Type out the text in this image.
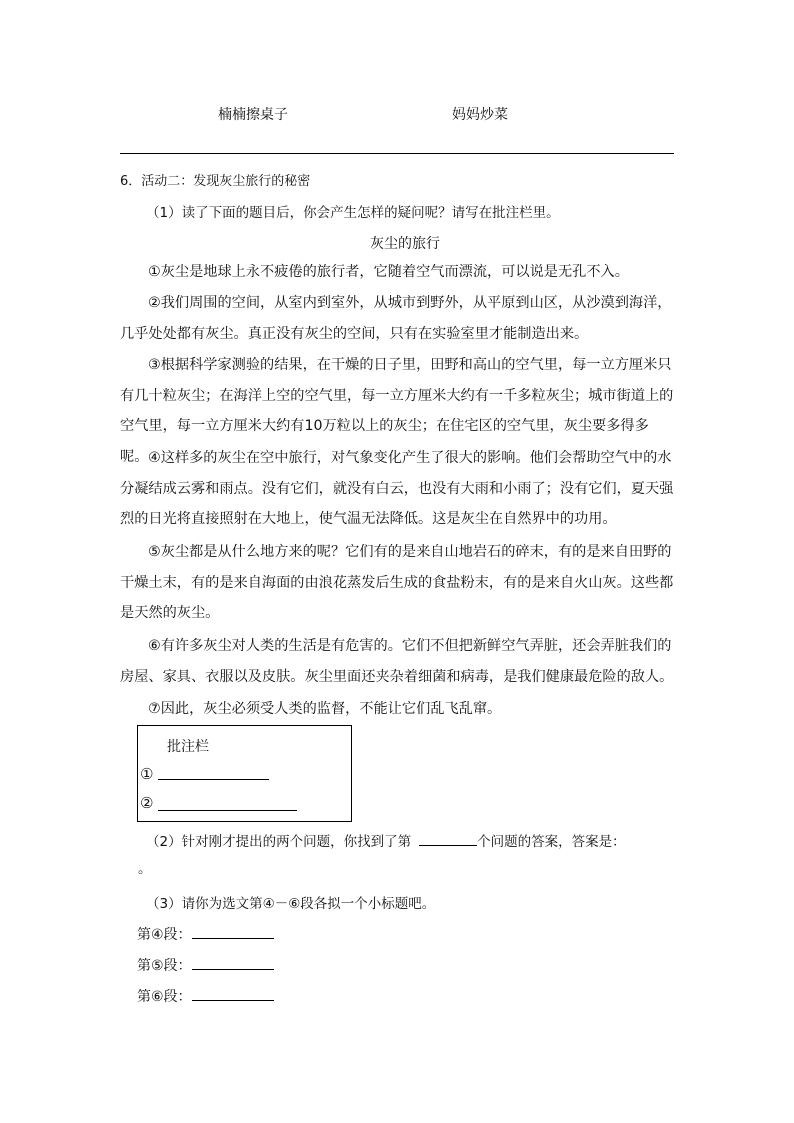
楠楠擦桌子	妈妈炒菜
6．活动二：发现灰尘旅行的秘密
（1）读了下面的题目后，你会产生怎样的疑问呢？请写在批注栏里。
灰尘的旅行
①灰尘是地球上永不疲倦的旅行者，它随着空气而漂流，可以说是无孔不入。
②我们周围的空间，从室内到室外，从城市到野外，从平原到山区，从沙漠到海洋，几乎处处都有灰尘。真正没有灰尘的空间，只有在实验室里才能制造出来。
③根据科学家测验的结果，在干燥的日子里，田野和高山的空气里，每一立方厘米只有几十粒灰尘；在海洋上空的空气里，每一立方厘米大约有一千多粒灰尘；城市街道上的空气里，每一立方厘米大约有10万粒以上的灰尘；在住宅区的空气里，灰尘要多得多呢。 ④这样多的灰尘在空中旅行，对气象变化产生了很大的影响。他们会帮助空气中的水分凝结成云雾和雨点。没有它们，就没有白云，也没有大雨和小雨了；没有它们，夏天强烈的日光将直接照射在大地上，使气温无法降低。这是灰尘在自然界中的功用。
⑤灰尘都是从什么地方来的呢？它们有的是来自山地岩石的碎末，有的是来自田野的干燥土末，有的是来自海面的由浪花蒸发后生成的食盐粉末，有的是来自火山灰。这些都是天然的灰尘。
⑥有许多灰尘对人类的生活是有危害的。它们不但把新鲜空气弄脏，还会弄脏我们的房屋、家具、衣服以及皮肤。灰尘里面还夹杂着细菌和病毒，是我们健康最危险的敌人。
⑦因此，灰尘必须受人类的监督，不能让它们乱飞乱窜。
批注栏
①
②
（2）针对刚才提出的两个问题，你找到了第	个问题的答案，答案是：
。
（3）请你为选文第④－⑥段各拟一个小标题吧。
第④段：
第⑤段：
第⑥段：
